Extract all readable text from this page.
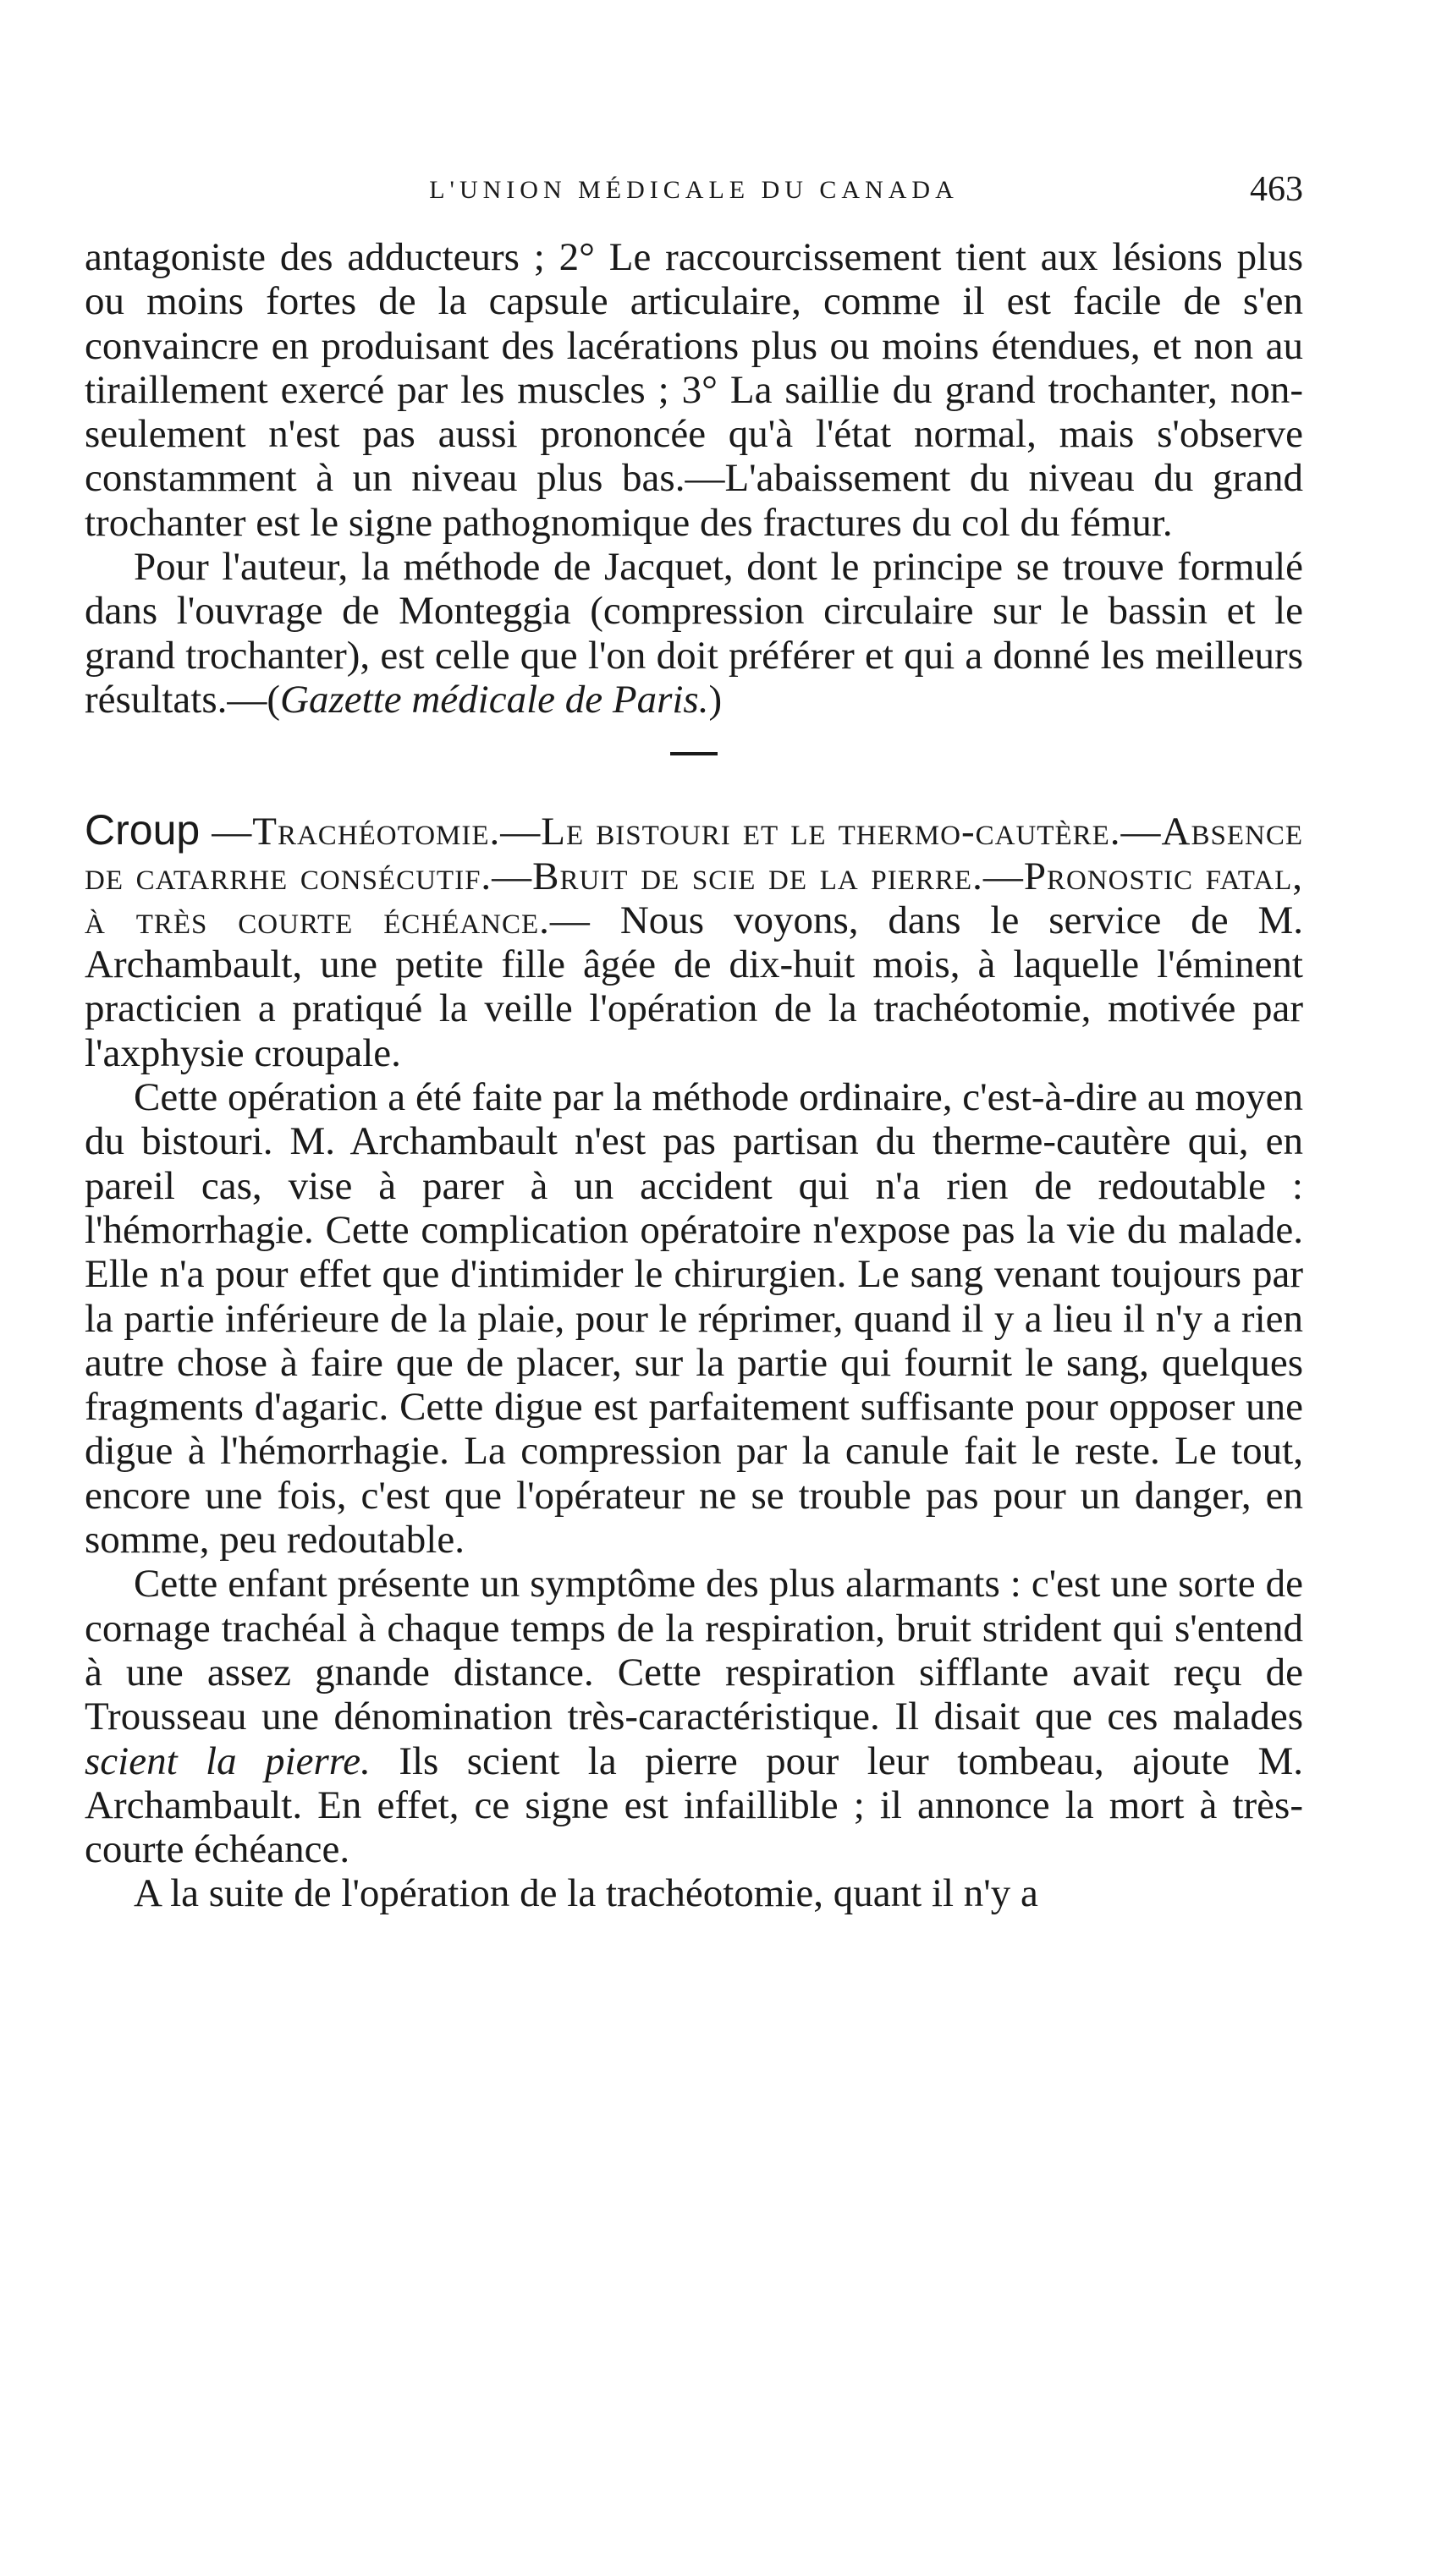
L'UNION MÉDICALE DU CANADA	463

antagoniste des adducteurs ; 2° Le raccourcissement tient aux lésions plus ou moins fortes de la capsule articulaire, comme il est facile de s'en convaincre en produisant des lacérations plus ou moins étendues, et non au tiraillement exercé par les muscles ; 3° La saillie du grand trochanter, non-seulement n'est pas aussi prononcée qu'à l'état normal, mais s'observe constamment à un niveau plus bas.—L'abaissement du niveau du grand trochanter est le signe pathognomique des fractures du col du fémur.

Pour l'auteur, la méthode de Jacquet, dont le principe se trouve formulé dans l'ouvrage de Monteggia (compression circulaire sur le bassin et le grand trochanter), est celle que l'on doit préférer et qui a donné les meilleurs résultats.—(Gazette médicale de Paris.)

Croup —Trachéotomie.—Le bistouri et le thermo-cautère.—Absence de catarrhe consécutif.—Bruit de scie de la pierre.—Pronostic fatal, à très courte échéance.— Nous voyons, dans le service de M. Archambault, une petite fille âgée de dix-huit mois, à laquelle l'éminent practicien a pratiqué la veille l'opération de la trachéotomie, motivée par l'axphysie croupale.

Cette opération a été faite par la méthode ordinaire, c'est-à-dire au moyen du bistouri. M. Archambault n'est pas partisan du therme-cautère qui, en pareil cas, vise à parer à un accident qui n'a rien de redoutable : l'hémorrhagie. Cette complication opératoire n'expose pas la vie du malade. Elle n'a pour effet que d'intimider le chirurgien. Le sang venant toujours par la partie inférieure de la plaie, pour le réprimer, quand il y a lieu il n'y a rien autre chose à faire que de placer, sur la partie qui fournit le sang, quelques fragments d'agaric. Cette digue est parfaitement suffisante pour opposer une digue à l'hémorrhagie. La compression par la canule fait le reste. Le tout, encore une fois, c'est que l'opérateur ne se trouble pas pour un danger, en somme, peu redoutable.

Cette enfant présente un symptôme des plus alarmants : c'est une sorte de cornage trachéal à chaque temps de la respiration, bruit strident qui s'entend à une assez gnande distance. Cette respiration sifflante avait reçu de Trousseau une dénomination très-caractéristique. Il disait que ces malades scient la pierre. Ils scient la pierre pour leur tombeau, ajoute M. Archambault. En effet, ce signe est infaillible ; il annonce la mort à très-courte échéance.

A la suite de l'opération de la trachéotomie, quant il n'y a
